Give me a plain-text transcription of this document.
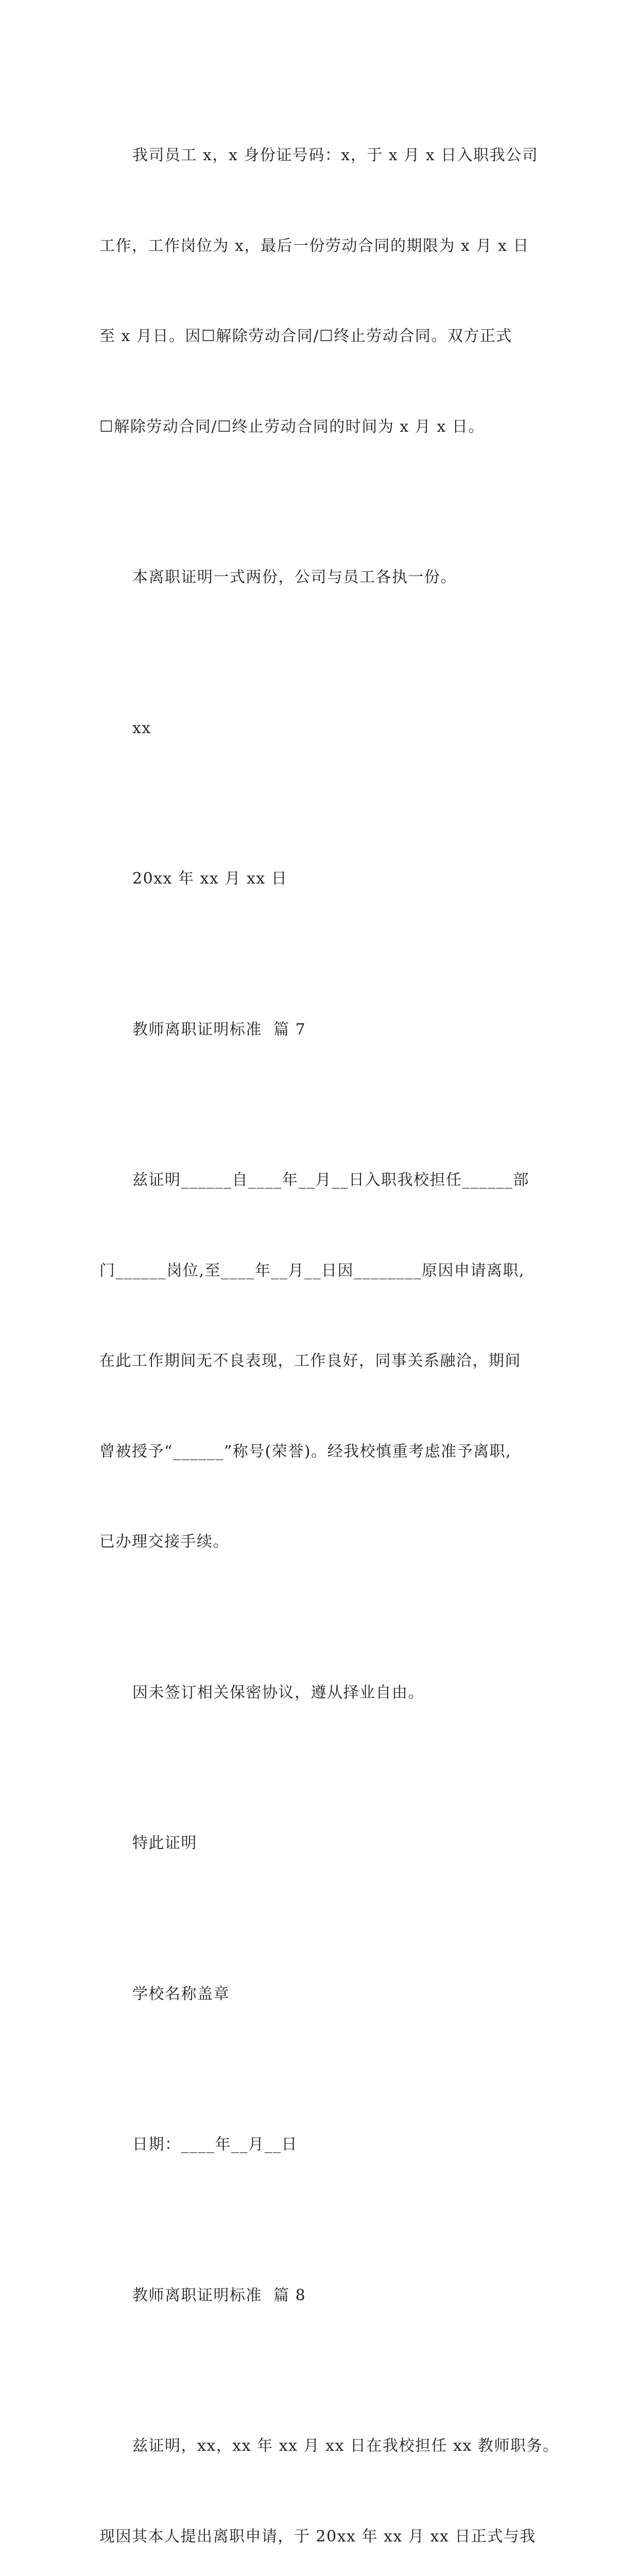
我司员工 x，x 身份证号码：x，于 x 月 x 日入职我公司

工作，工作岗位为 x，最后一份劳动合同的期限为 x 月 x 日

至 x 月日。因☐解除劳动合同/☐终止劳动合同。双方正式

☐解除劳动合同/☐终止劳动合同的时间为 x 月 x 日。

本离职证明一式两份，公司与员工各执一份。

xx

20xx 年 xx 月 xx 日

教师离职证明标准  篇 7

兹证明______自____年__月__日入职我校担任______部

门______岗位,至____年__月__日因________原因申请离职,

在此工作期间无不良表现，工作良好，同事关系融洽，期间

曾被授予“______”称号(荣誉)。经我校慎重考虑准予离职,

已办理交接手续。

因未签订相关保密协议，遵从择业自由。

特此证明

学校名称盖章

日期：____年__月__日

教师离职证明标准  篇 8

兹证明，xx，xx 年 xx 月 xx 日在我校担任 xx 教师职务。

现因其本人提出离职申请，于 20xx 年 xx 月 xx 日正式与我
